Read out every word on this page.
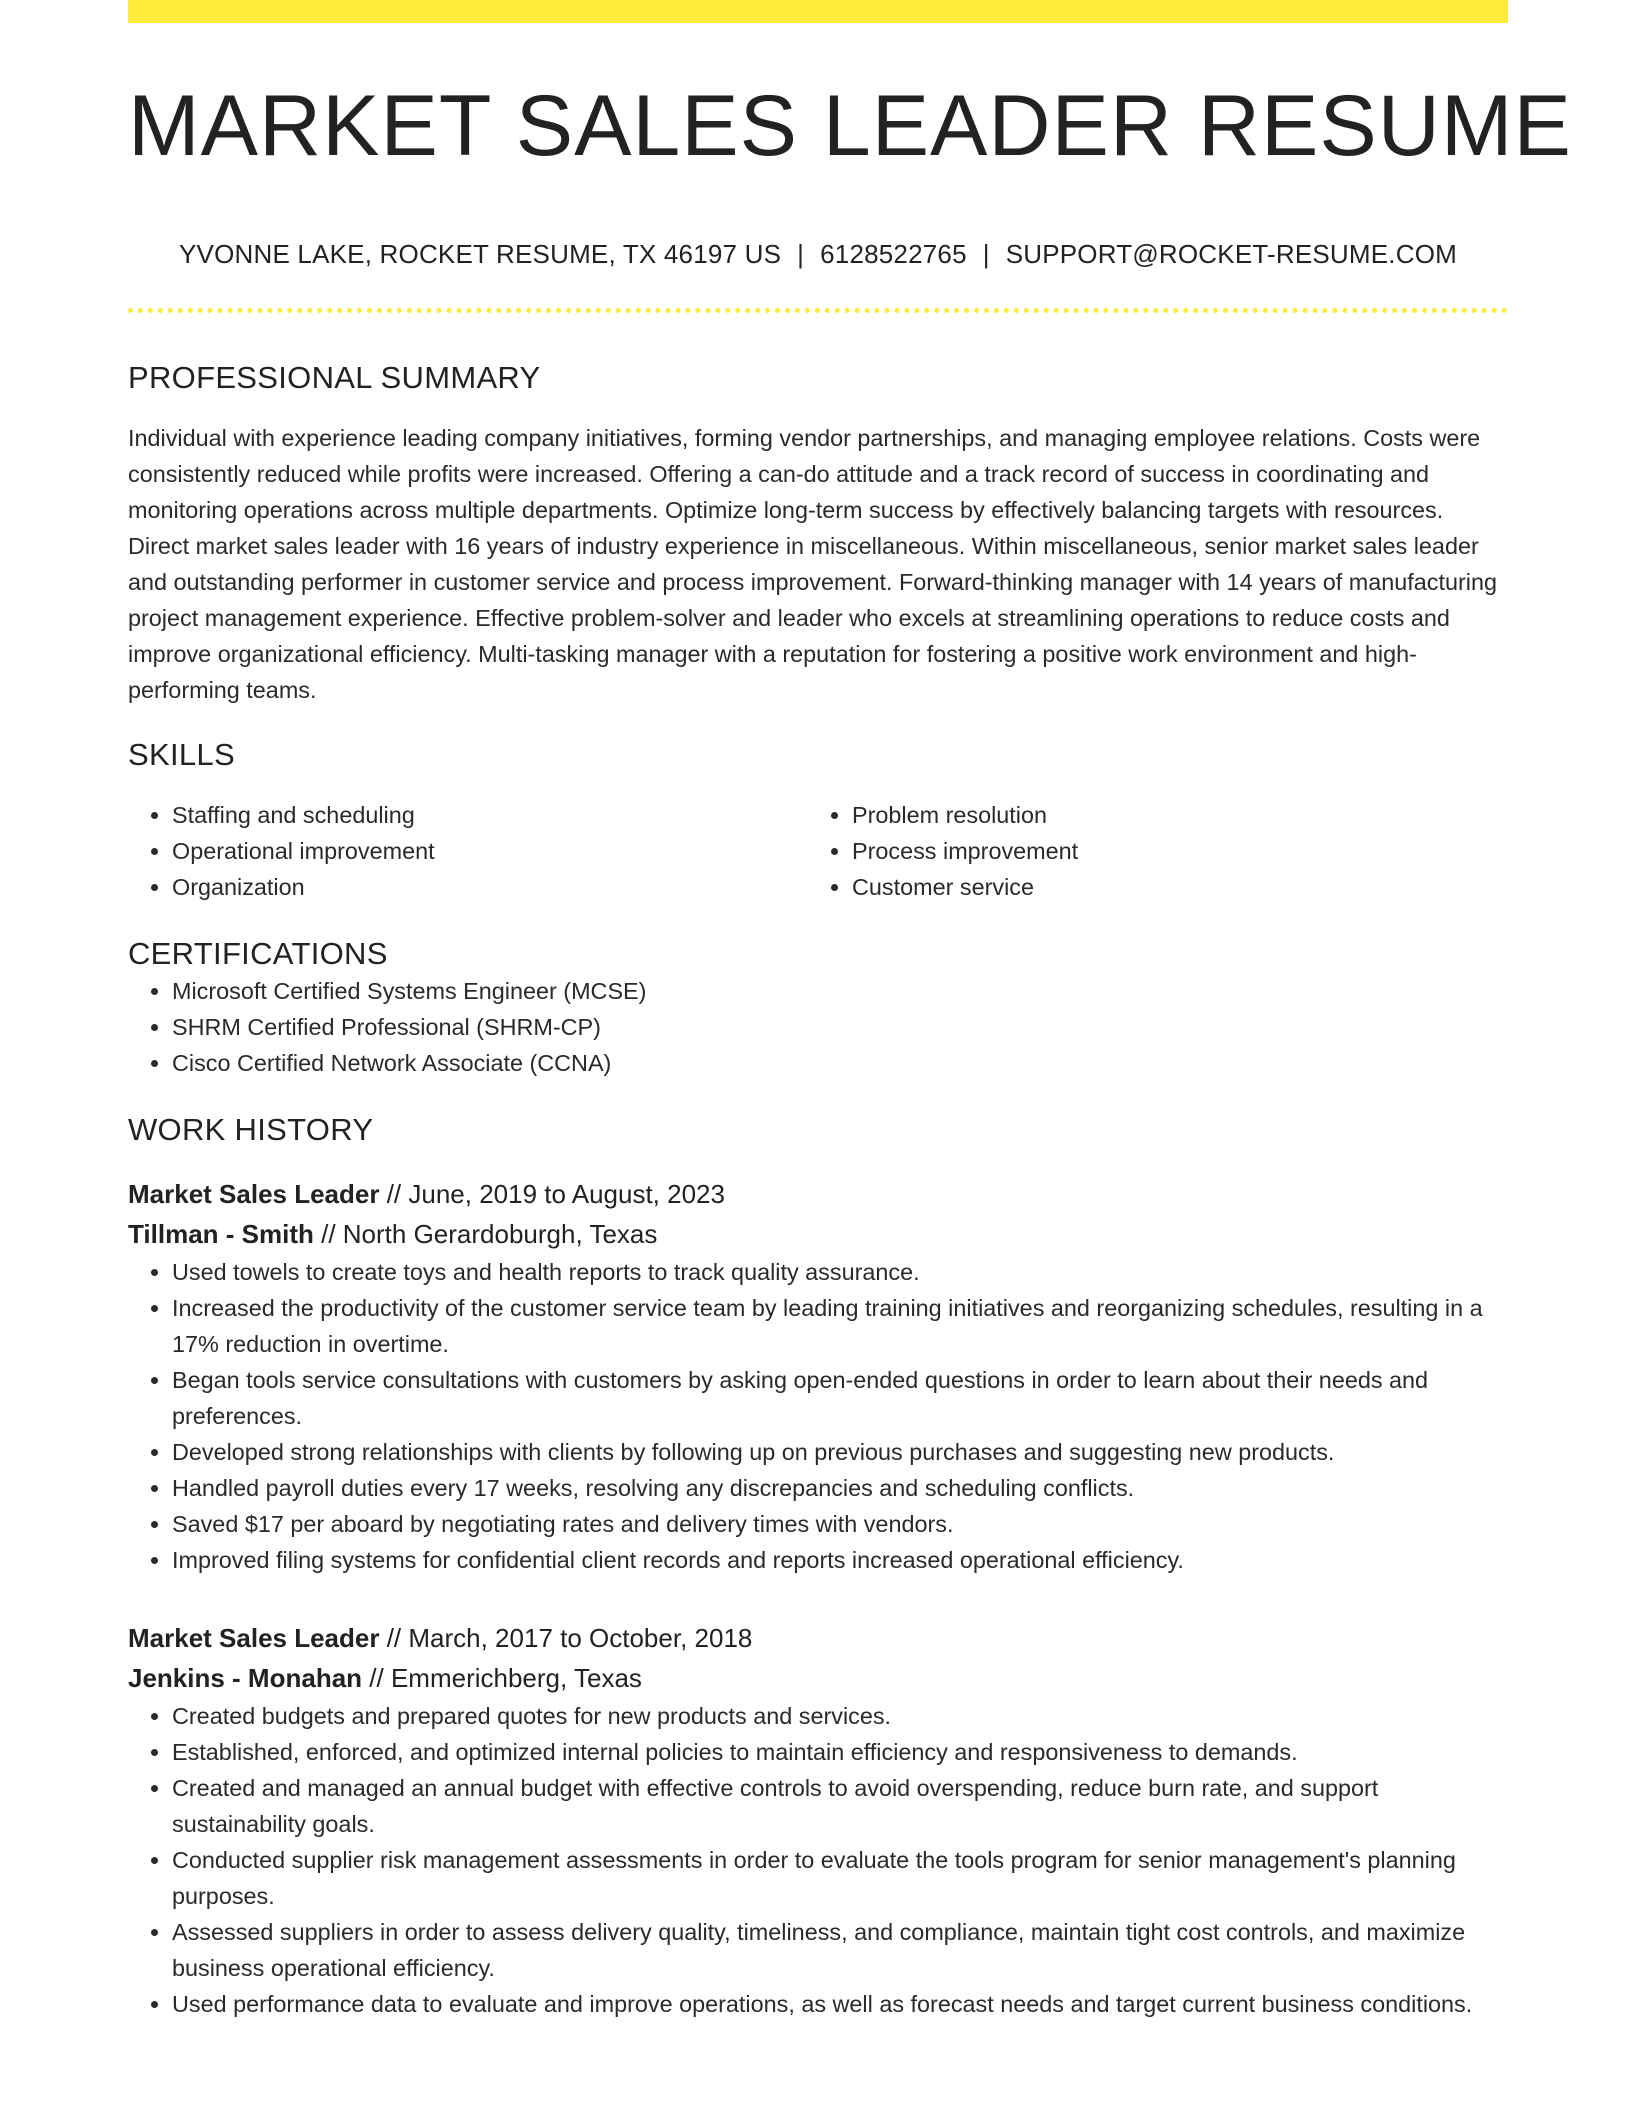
MARKET SALES LEADER RESUME
YVONNE LAKE, ROCKET RESUME, TX 46197 US | 6128522765 | SUPPORT@ROCKET-RESUME.COM
PROFESSIONAL SUMMARY
Individual with experience leading company initiatives, forming vendor partnerships, and managing employee relations. Costs were consistently reduced while profits were increased. Offering a can-do attitude and a track record of success in coordinating and monitoring operations across multiple departments. Optimize long-term success by effectively balancing targets with resources. Direct market sales leader with 16 years of industry experience in miscellaneous. Within miscellaneous, senior market sales leader and outstanding performer in customer service and process improvement. Forward-thinking manager with 14 years of manufacturing project management experience. Effective problem-solver and leader who excels at streamlining operations to reduce costs and improve organizational efficiency. Multi-tasking manager with a reputation for fostering a positive work environment and high-performing teams.
SKILLS
• Staffing and scheduling
• Operational improvement
• Organization
• Problem resolution
• Process improvement
• Customer service
CERTIFICATIONS
• Microsoft Certified Systems Engineer (MCSE)
• SHRM Certified Professional (SHRM-CP)
• Cisco Certified Network Associate (CCNA)
WORK HISTORY
Market Sales Leader // June, 2019 to August, 2023
Tillman - Smith // North Gerardoburgh, Texas
• Used towels to create toys and health reports to track quality assurance.
• Increased the productivity of the customer service team by leading training initiatives and reorganizing schedules, resulting in a 17% reduction in overtime.
• Began tools service consultations with customers by asking open-ended questions in order to learn about their needs and preferences.
• Developed strong relationships with clients by following up on previous purchases and suggesting new products.
• Handled payroll duties every 17 weeks, resolving any discrepancies and scheduling conflicts.
• Saved $17 per aboard by negotiating rates and delivery times with vendors.
• Improved filing systems for confidential client records and reports increased operational efficiency.
Market Sales Leader // March, 2017 to October, 2018
Jenkins - Monahan // Emmerichberg, Texas
• Created budgets and prepared quotes for new products and services.
• Established, enforced, and optimized internal policies to maintain efficiency and responsiveness to demands.
• Created and managed an annual budget with effective controls to avoid overspending, reduce burn rate, and support sustainability goals.
• Conducted supplier risk management assessments in order to evaluate the tools program for senior management's planning purposes.
• Assessed suppliers in order to assess delivery quality, timeliness, and compliance, maintain tight cost controls, and maximize business operational efficiency.
• Used performance data to evaluate and improve operations, as well as forecast needs and target current business conditions.
